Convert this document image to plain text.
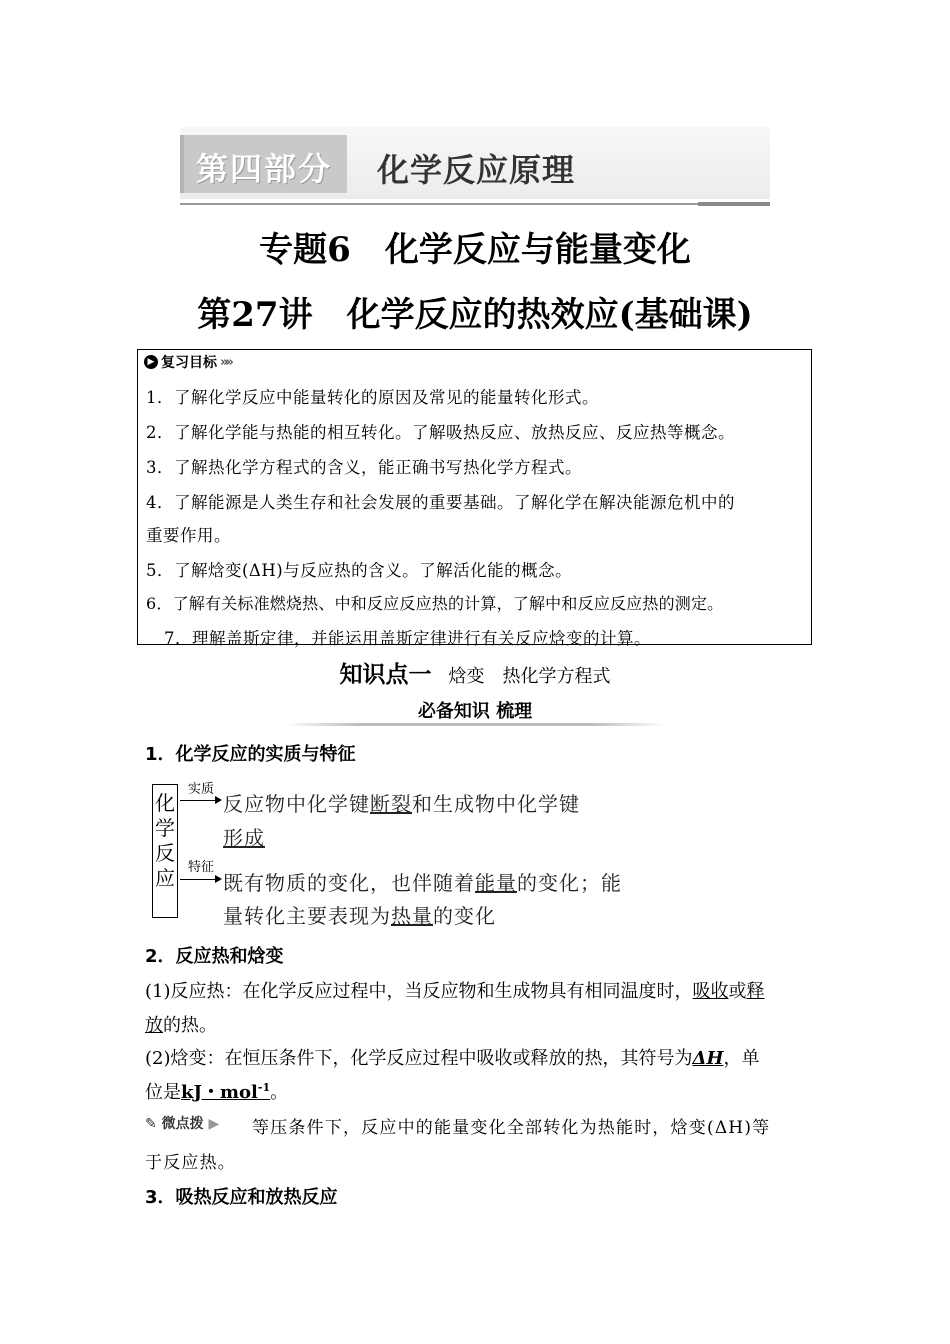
第四部分 化学反应原理
专题6　化学反应与能量变化
第27讲　化学反应的热效应(基础课)
▶ 复习目标 »»
1．了解化学反应中能量转化的原因及常见的能量转化形式。
2．了解化学能与热能的相互转化。了解吸热反应、放热反应、反应热等概念。
3．了解热化学方程式的含义，能正确书写热化学方程式。
4．了解能源是人类生存和社会发展的重要基础。了解化学在解决能源危机中的
重要作用。
5．了解焓变(ΔH)与反应热的含义。了解活化能的概念。
6．了解有关标准燃烧热、中和反应反应热的计算，了解中和反应反应热的测定。
7．理解盖斯定律，并能运用盖斯定律进行有关反应焓变的计算。
知识点一 焓变　热化学方程式
必备知识 梳理
1．化学反应的实质与特征
化学反应
实质
反应物中化学键断裂和生成物中化学键
形成
特征
既有物质的变化，也伴随着能量的变化；能
量转化主要表现为热量的变化
2．反应热和焓变
(1)反应热：在化学反应过程中，当反应物和生成物具有相同温度时，吸收或释
放的热。
(2)焓变：在恒压条件下，化学反应过程中吸收或释放的热，其符号为ΔH，单
位是kJ・mol$^{-1}$。
✎ 微点拨 ▶ 等压条件下，反应中的能量变化全部转化为热能时，焓变(ΔH)等
于反应热。
3．吸热反应和放热反应
